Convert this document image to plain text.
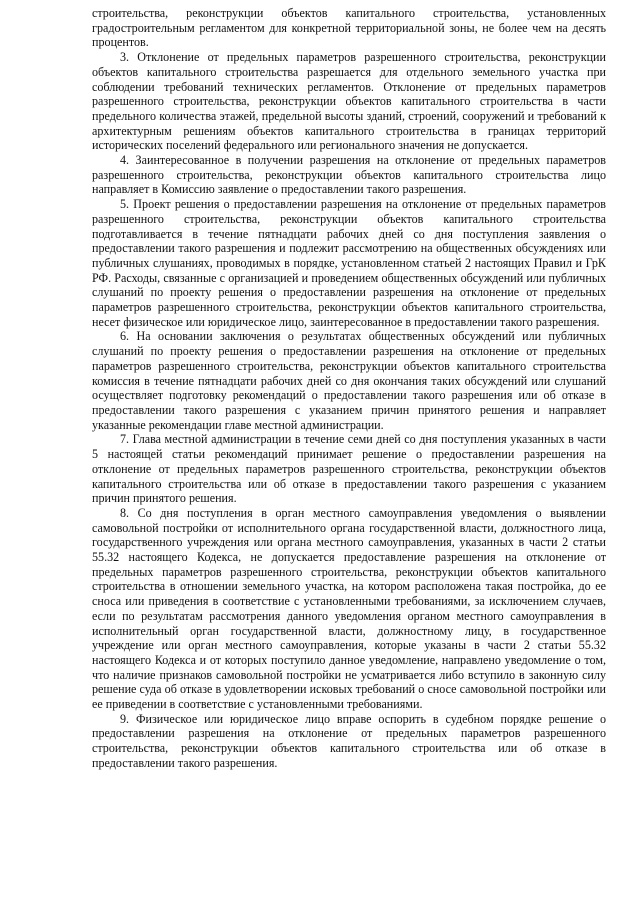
строительства, реконструкции объектов капитального строительства, установленных градостроительным регламентом для конкретной территориальной зоны, не более чем на десять процентов.

3. Отклонение от предельных параметров разрешенного строительства, реконструкции объектов капитального строительства разрешается для отдельного земельного участка при соблюдении требований технических регламентов. Отклонение от предельных параметров разрешенного строительства, реконструкции объектов капитального строительства в части предельного количества этажей, предельной высоты зданий, строений, сооружений и требований к архитектурным решениям объектов капитального строительства в границах территорий исторических поселений федерального или регионального значения не допускается.

4. Заинтересованное в получении разрешения на отклонение от предельных параметров разрешенного строительства, реконструкции объектов капитального строительства лицо направляет в Комиссию заявление о предоставлении такого разрешения.

5. Проект решения о предоставлении разрешения на отклонение от предельных параметров разрешенного строительства, реконструкции объектов капитального строительства подготавливается в течение пятнадцати рабочих дней со дня поступления заявления о предоставлении такого разрешения и подлежит рассмотрению на общественных обсуждениях или публичных слушаниях, проводимых в порядке, установленном статьей 2 настоящих Правил и ГрК РФ. Расходы, связанные с организацией и проведением общественных обсуждений или публичных слушаний по проекту решения о предоставлении разрешения на отклонение от предельных параметров разрешенного строительства, реконструкции объектов капитального строительства, несет физическое или юридическое лицо, заинтересованное в предоставлении такого разрешения.

6. На основании заключения о результатах общественных обсуждений или публичных слушаний по проекту решения о предоставлении разрешения на отклонение от предельных параметров разрешенного строительства, реконструкции объектов капитального строительства комиссия в течение пятнадцати рабочих дней со дня окончания таких обсуждений или слушаний осуществляет подготовку рекомендаций о предоставлении такого разрешения или об отказе в предоставлении такого разрешения с указанием причин принятого решения и направляет указанные рекомендации главе местной администрации.

7. Глава местной администрации в течение семи дней со дня поступления указанных в части 5 настоящей статьи рекомендаций принимает решение о предоставлении разрешения на отклонение от предельных параметров разрешенного строительства, реконструкции объектов капитального строительства или об отказе в предоставлении такого разрешения с указанием причин принятого решения.

8. Со дня поступления в орган местного самоуправления уведомления о выявлении самовольной постройки от исполнительного органа государственной власти, должностного лица, государственного учреждения или органа местного самоуправления, указанных в части 2 статьи 55.32 настоящего Кодекса, не допускается предоставление разрешения на отклонение от предельных параметров разрешенного строительства, реконструкции объектов капитального строительства в отношении земельного участка, на котором расположена такая постройка, до ее сноса или приведения в соответствие с установленными требованиями, за исключением случаев, если по результатам рассмотрения данного уведомления органом местного самоуправления в исполнительный орган государственной власти, должностному лицу, в государственное учреждение или орган местного самоуправления, которые указаны в части 2 статьи 55.32 настоящего Кодекса и от которых поступило данное уведомление, направлено уведомление о том, что наличие признаков самовольной постройки не усматривается либо вступило в законную силу решение суда об отказе в удовлетворении исковых требований о сносе самовольной постройки или ее приведении в соответствие с установленными требованиями.

9. Физическое или юридическое лицо вправе оспорить в судебном порядке решение о предоставлении разрешения на отклонение от предельных параметров разрешенного строительства, реконструкции объектов капитального строительства или об отказе в предоставлении такого разрешения.
